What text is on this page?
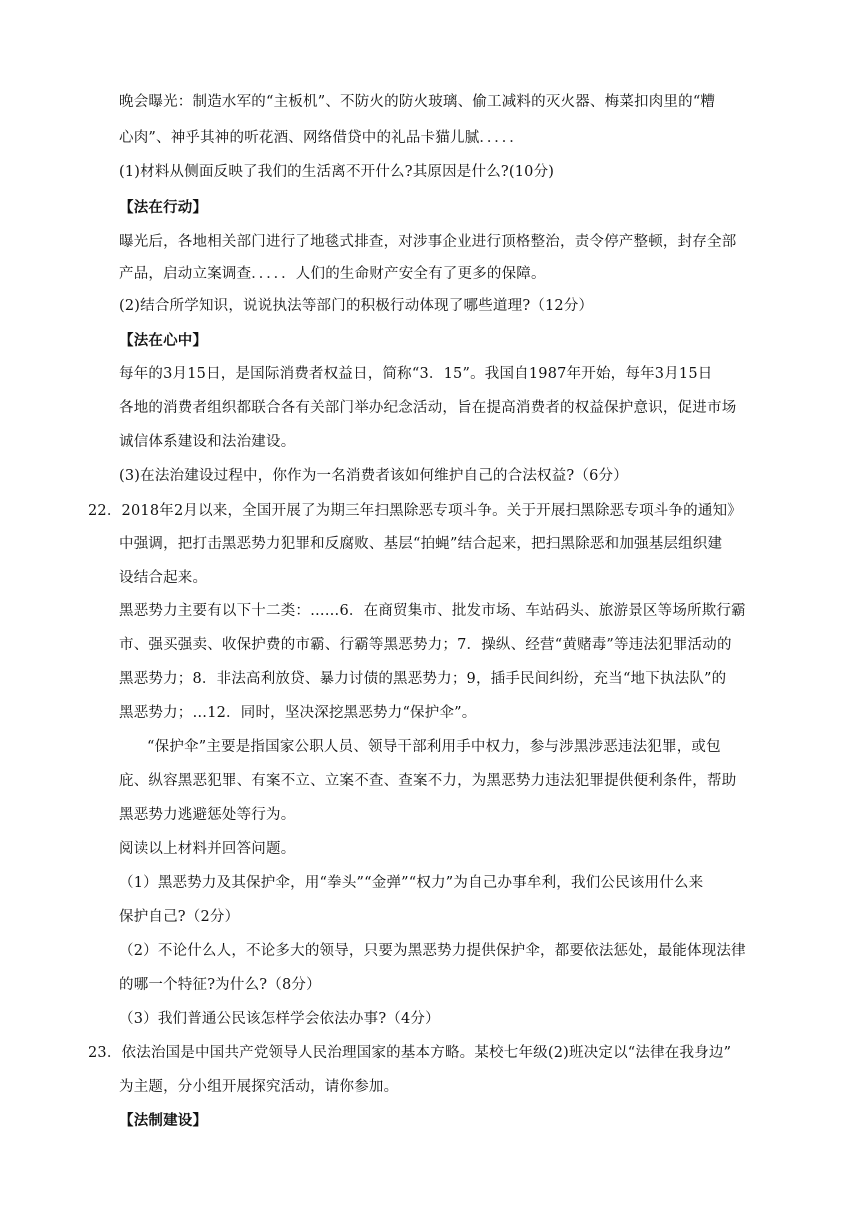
晚会曝光：制造水军的“主板机”、不防火的防火玻璃、偷工减料的灭火器、梅菜扣肉里的“糟
心肉”、神乎其神的听花酒、网络借贷中的礼品卡猫儿腻．．．．．
(1)材料从侧面反映了我们的生活离不开什么?其原因是什么?(10分)
【法在行动】
曝光后，各地相关部门进行了地毯式排查，对涉事企业进行顶格整治，责令停产整顿，封存全部
产品，启动立案调查．．．．．人们的生命财产安全有了更多的保障。
(2)结合所学知识，说说执法等部门的积极行动体现了哪些道理?（12分）
【法在心中】
每年的3月15日，是国际消费者权益日，简称“3．15”。我国自1987年开始，每年3月15日
各地的消费者组织都联合各有关部门举办纪念活动，旨在提高消费者的权益保护意识，促进市场
诚信体系建设和法治建设。
(3)在法治建设过程中，你作为一名消费者该如何维护自己的合法权益?（6分）
22．2018年2月以来，全国开展了为期三年扫黑除恶专项斗争。关于开展扫黑除恶专项斗争的通知》
中强调，把打击黑恶势力犯罪和反腐败、基层“拍蝇”结合起来，把扫黑除恶和加强基层组织建
设结合起来。
黑恶势力主要有以下十二类：……6．在商贸集市、批发市场、车站码头、旅游景区等场所欺行霸
市、强买强卖、收保护费的市霸、行霸等黑恶势力；7．操纵、经营“黄赌毒”等违法犯罪活动的
黑恶势力；8．非法高利放贷、暴力讨债的黑恶势力；9，插手民间纠纷，充当“地下执法队”的
黑恶势力；…12．同时，坚决深挖黑恶势力“保护伞”。
“保护伞”主要是指国家公职人员、领导干部利用手中权力，参与涉黑涉恶违法犯罪，或包
庇、纵容黑恶犯罪、有案不立、立案不查、查案不力，为黑恶势力违法犯罪提供便利条件，帮助
黑恶势力逃避惩处等行为。
阅读以上材料并回答问题。
（1）黑恶势力及其保护伞，用“拳头”“金弹”“权力”为自己办事牟利，我们公民该用什么来
保护自己?（2分）
（2）不论什么人，不论多大的领导，只要为黑恶势力提供保护伞，都要依法惩处，最能体现法律
的哪一个特征?为什么?（8分）
（3）我们普通公民该怎样学会依法办事?（4分）
23．依法治国是中国共产党领导人民治理国家的基本方略。某校七年级(2)班决定以“法律在我身边”
为主题，分小组开展探究活动，请你参加。
【法制建设】
